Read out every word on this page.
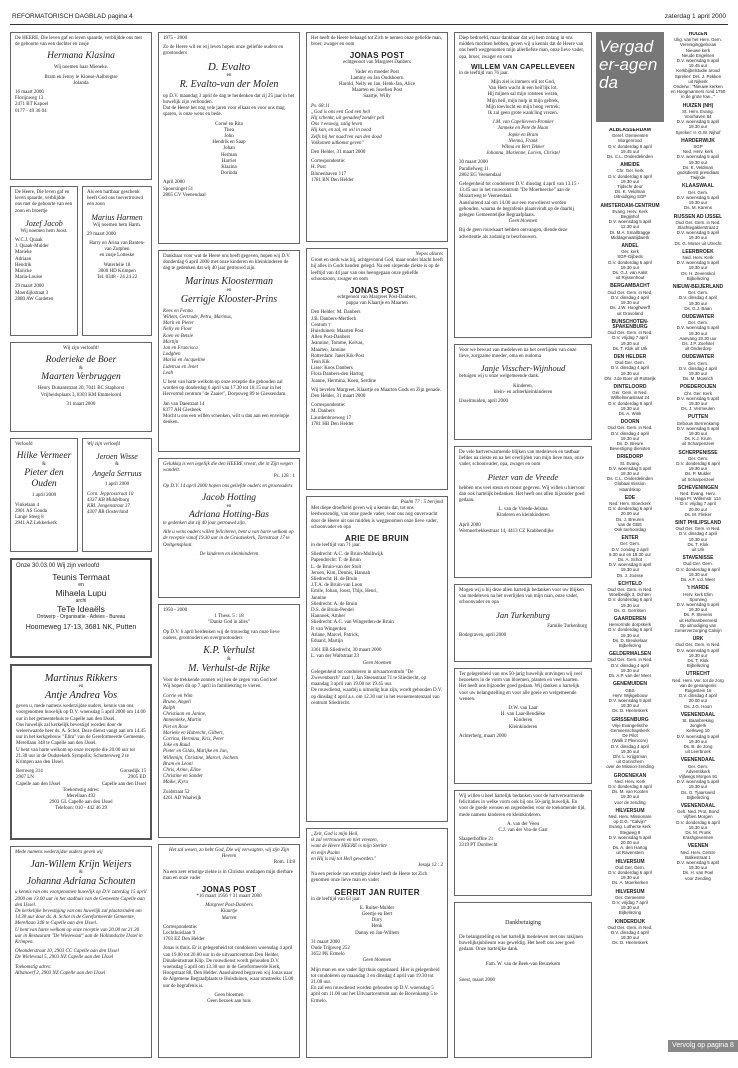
REFORMATORISCH DAGBLAD pagina 4	zaterdag 1 april 2000
De HEERE, Die leven gaf en leven spaarde, verblijdde ons met de geboorte van een dochter en zusje
Hermana Klasina
Wij noemen haar Mieneke.
Bram en Jenny le Kloese-Aalbregtse
Jolanda
16 maart 2000
Florijnweg 13
2471 BT Kapoel
0177 - 49 36 04
De Heere, Die leven gaf en leven spaarde, verblijdde ons met de geboorte van een zoon en broertje
Jozef Jacob
Wij noemen hem Joost.
W.C.J. Quaak
J. Quaak-Mulder
Marieke
Adriaan
Hendrik
Maricke
Maria-Louise
29 maart 2000
Moerdijkstraat 3
2880 AW Gardeten
Als een hartbaar geschenk heeft God ons toevertrouwd een zoon
Marius Harmen
Wij noemen hem Harm.
29 maart 2000
Harry en Arina van Banten-van Zutphen
en zusje Lotteske
Waterlelie 18
3000 HD Krimpen
Tel. 0348 - 24 24 22
Wij zijn verloofd!
Roderieke de Boer
&
Maarten Verbruggen
Henry Dunantstraat 20, 7041 BC Staphorst
Vrijheidsplaats 3, 8303 KM Emmeloord
31 maart 2000
Verloofd
Hilke Vermeer
&
Pieter den Ouden
1 april 2000
Vinkelaan 4
2901 AS Gouda
Lange Steeg 8
2941 AZ Lekkerkerk
Wij zijn verloofd
Jeroen Wisse
&
Angela Serruus
1 april 2000
Corn. Jepprosstraat 10
4337 KB Middelburg
KRI. Jongenstraat 37
4307 RB Oosterland
Onze 30.03.00 Wij zijn verloofd
Teunis Termaat
en
Mihaela Lupu
archi
TeTe Ideaëls
Ontwerp - Organisatie - Advies - Bureau
Hoomeweg 17-13, 3681 NK, Putten
Martinus Rikkers
en
Antje Andrea Vos
geven u, mede namens wederzijdse ouders, kennis van ons voorgenomen huwelijk op D.V. woensdag 5 april 2000 om 14.00 uur in het gemeentehuis te Capelle aan den IJssel.
Ons huwelijk zal kerkelijk bevestigd worden door de weleerwaarde heer ds. A. Schot. Deze dienst vangt aan om 14.45 uur in het kerkgebouw "Elim" van de Gereformeerde Gemeente, Merellaan 348 te Capelle aan den IJssel.
U bent van harte welkom op onze receptie die 20.00 uur tot 21.30 uur in de Oudstekerk Sympolis; Schuttersweg 2 te Krimpen aan den IJssel.
Bernweg 314
2907 LN
Capelle aan den IJssel
Gorsedijk 15
2905 ED
Capelle aan den IJssel
Toekomstig adres:
Merellaan 492
2903 GL Capelle aan den IJssel
Telefoon: 010 - 442 46 29
Mede namens wederzijdse ouders geven wij
Jan-Willem Krijn Weijers
&
Johanna Adriana Schouten
u kennis van ons voorgenomen huwelijk op D.V. zaterdag 15 april 2000 om 13.00 uur in het stadhuis van de Gemeente Capelle aan den IJssel.
De kerkelijke bevestiging van ons huwelijk zal plaatsvinden om 14.30 uur door ds. A. Schot in de Gereformeerde Gemeente, Merellaan 348 te Capelle aan den IJssel.
U bent van harte welkom op onze receptie van 20.00 tot 21.30 uur in Restaurant "De Wielewaal" aan de Hollandsche IJssel in Krimpen.
Oleanderstraat 10, 2903 CC Capelle aan den IJssel
De Wielewaal 5, 2903 NZ Capelle aan den IJssel
Toekomstig adres:
Albanoerf 2, 2903 NZ Capelle aan den IJssel
1975 - 2000
Zo de Heere wil en wij leven hopen onze geliefde ouders en grootouders
D. Evalto
en
R. Evalto-van der Molen
op D.V. maandag 3 april de dag te herdenken dat zij 25 jaar in het huwelijk zijn verbonden.
Dat de Heere het nog vele jaren voor elkaar en voor ons mag sparen, is onze wens en bede.
Corné en Rita
Thea
John
Hendrik en Saap
Johan
Herman
Harriet
Klazina
Dorinda
April 2000
Spoorsingel 51
2805 GV Veenendaal
Dankbaar voor wat de Heere ons heeft gegeven, hopen wij D.V. donderdag 6 april 2000 met onze kinderen en kleinkinderen de dag te gedenken dat wij 40 jaar getrouwd zijn.
Marinus Kloosterman
en
Gerrigje Klooster-Prins
Kees en Fenna
Willem, Gertrude, Petra, Marinus,
Marit en Pieter
Nelly en Floor
Koen en Betsie
Martijn
Jan en Francisca
Lodghen
Marisi en Jacqueline
Lidetrua en Jenet
Leah
U bent van harte welkom op onze receptie die gehouden zal worden op donderdag 6 april van 17.30 tot 18.15 uur in het Hervormd centrum "de Zaaier", Dorpsweg 89 te Giessendam.
Jan van Daestraat 14
8377 AH Giesbeek
Mocht u ons een willen schenken, wilt u dan aan een envelopje denken.
Gelukkig is een iegelijk die den HEERE vreest, die in Zijn wegen wandelt.
Ps. 128 : 1
Op D.V. 14 april 2000 hopen ons geliefde ouders en grootouders
Jacob Hotting
en
Adriana Hotting-Bas
te gedenken dat zij 40 jaar getrouwd zijn.
Alle u wens ouders willen feliciteren, bent u van harte welkom op de receptie vanaf 19.30 uur in de Graatsekerk, Tornstraat 17 te Ooltgensplaat.
De kinderen en kleinkinderen
1950 - 2000
1 Thess. 5 : 18
"Dankt God in alles"
Op D.V. 6 april herdenken wij de trouwdag van onze lieve ouders, grootouders en overgrootouders
K.P. Verhulst
&
M. Verhulst-de Rijke
Voor de trekkende zonnen wij hen de zegen van God toe!
Wij hopen dit op 7 april in familiekring te vieren.
Corrie en Wim
Bruno, Angeli
Ralph
Christiaan en Janine,
Annemieke, Martin
Piet en Rose
Marieke en Hubrecht, Gilbert,
Corrina, Hermina, Kris, Peter
Joke en Ruud
Pieter en Gilda, Marijke en Jan,
Willemijn, Christine, Marcel, Jochem
Bram en Leoni
Chris, Arine, Eline
Christine en Sander
Maike, Kyra
Zuidstraat 52
4261 AD Waalwijk
Het zal wesen, zo hebt God, Die wij verwagten, wij zijn Zijn Heeren
Rom. 14:8
Na een zeer ernstige ziekte is in Christus ontslapen mijn dierbare man en onze vader
JONAS POST
*16 maart 1956 † 31 maart 2000
Margreet Post-Danbers
Klaartje
Marten
Correspondentie:
Lochthuislaan 9
1703 EZ Den Helder
Jonas is thuis. Er is gelegenheid tot condoleren woensdag 4 april van 19.00 tot 20.00 uur in de uitvaartcentrum Den Helder, Dinaheimstraat Klip. De rouwdienst wordt gehouden D.V. woensdag 5 april om 13.30 uur in de Gereformeerde Kerk, Hoogstraat 88, Den Helder. Aansluitend begraven wij Jonas naar de Algemene Begraafplaats te Huisduinen, waar omstreeks 15.00 uur de begrafenis is.
Geen bloemen
Geen bezoek aan huis
Het heeft de Heere behaagd tot Zich te nemen onze geliefde man, broer, zwager en oom
JONAS POST
echtgenoot van Margreet Danbers
Vader en moeder Post
Lammy en Jan Oudshoorn
Harold, Nelly en Jan, Henk-Jan, Alice
Maarten en Josefien Post
Saartje, Willy
Ps. 68:11
„God is ons een God een heil
Hij schenkt, uit genadeef zonder peil
Ons 't eeuwig, zalig leven
Hij kan, en zal, en wil in nood
Zelfs bij het naad'ren van den dood
Volkomen uitkomst geven"
Den Helder, 31 maart 2000
Correspondentie:
H. Post
Binnenhaven 117
1781 BN Den Helder
Nepos allures
Groot en sterk was hij, achtgevoond God, maar onder blacht heeft hij alles in Gods handen gelegd. Na een slopende ziekte is op de leeftijd van 44 jaar van ons heengegaan onze geliefde schoonzoon, zwager en oom
JONAS POST
echtgenoot van Margreet Post-Danbers,
pappa van Klaartje en Maarten
Den Helder: M. Danbers
J.B. Danbers-Mertlech
Centum †
Huisduinen: Maarten Post
Allen Post-Danbers
Jeannine, Tomme, Kelvas,
Maarten, Jannine
Rotterdam: Janet Kik-Post
Teun Kik
Lisse: Koos Danbers
Flora Danbers-den Hartog
Joanne, Hermina, Koen, Serdine
Wij bevelen Margreet, Klaartje en Maarten Gods en Zijn genade.
Den Helder, 31 maart 2000
Correspondentie:
M. Danbers
Laurdenbroeweg 17
1781 HB Den Helder
Psalm 77 : 5 berijmd
Met diepe droefheid geven wij u kennis dat, tot ons leedwezendig, van onze goede vader, voor ons nog onverwacht door de Heere uit ons midden is weggenomen onze lieve vader, schoonvader en opa
ARIE DE BRUIN
in de leeftijd van 71 jaar.
Sliedrecht: A.C. de Bruin-Mulbwijk
Papendrecht: T. de Bruin
L. de Bruin-van der Stolt
Jeroen, Kim, Dennis, Hannah
Sliedrecht: H. de Bruin
J.T.A. de Bruin-van Loon
Emile, Johan, Joost, Thijs, Henri,
Jannine
Sliedrecht: A. de Bruin
D.S. de Bruin-Pendel
Hannoek, Amber
Sliedrecht: A.C. van Wingerden-de Bruin
P. van Wingerden
Ariane, Marcel, Patrick,
Eduard, Martijn
3361 EB Sliedrecht, 30 maart 2000
L. van der Waltstraat 23
Geen bloemen
Gelegenheid tot condoleren in uitvaartcentrum "De Zwevenborch" zaal 1, Jan Steenstraat 71 te Sliedrecht, op maandag 3 april van 19.00 tot 19.45 uur.
De rouwdienst, waarbij u uitnodig hun zijn, wordt gehouden D.V. op dinsdag 4 april a.s. om 12.30 uur in het evenementenzaal van centrum Sliedrecht.
„Zeit, God is mijn Heil,
ik zal vertrouwen en niet vreezen,
want de Heere HEERE is mijn Sterkte
en mijn Psalm
en Hij is mij tot Heil geworden."
Jesaja 12 : 2
Na een periode van ernstige ziekte heeft de Heere tot Zich genomen onze lieve man en vader
GERRIT JAN RUITER
in de leeftijd van 63 jaar.
E. Ruiter-Mulder
Geertje en Bert
Dirry
Henk
Danny en Jan-Willem
31 maart 2000
Oude Trijpweg 252
3652 PK Ermelo
Geen bloemen
Mijn man en ons vader ligt thuis opgebaard. Hier is gelegenheid tot condoleren op maandag 3 en dinsdag 4 april van 19.30 tot 21.00 uur.
En zal een rouwdienst worden gehouden op D.V. woensdag 5 april om 11.00 uur het Uitvaartcentrum aan de Bovenkamp 5 te Ermelo.
Diep bedroefd, maar dankbaar dat wij hem zolang in ons midden mochten hebben, geven wij u kennis dat de Heere van ons heeft weggenomen mijn allerliefste man, onze lieve vader, opa, broer, zwager en oom
WILLEM VAN CAPELLEVEEN
in de leeftijd van 76 jaar.
Mijn ziel is immers stil tot God,
Van Hem wacht ik een heil'lijk lot.
Hij mijnen sal mijn rotsteen wezen,
Mijn heil, mijn hulp in mijn gebrek,
Mijn toevlucht en mijn hoog vertrek;
Ik zal geen grote wank'ling vrezen.
J.M. van Capelleveen-Pronker
Janneke en Pete de Haan
Jopke en Bram
Nienna, Frank
Wilma en Bert Tekker
Johanna, Marienne, Lorien, Christel
30 maart 2000
Parallelweg 11
2802 EG Veenendaal
Gelegenheid tot condoleren D.V. dinsdag 4 april van 13.15 - 13.45 uur in het rouwcentrum "De Moerbeecke" aan de Mozartweg te Veenendaal.
Aansluitend zal om 14.00 uur een rouwdienst worden gehouden, waarna de begrafenis plaatsvindt op de daarbij gelegen Gemeentelijke Begraafplaats.
Geen bloemen
Bij de geen rouwkaart hebben ontvangen, diende deze advertentie als zodanig te beschouwen.
Voor we bewust van medeleven na het overlijden van onze lieve, zorgzame moeder, oma en oudoma
Janje Visscher-Wijnhoud
betuigen wij u onze welgemeende dank.
Kinderen,
klein- en achterkleinkinderen
IJsselmuiden, april 2000
De vele hartverwarmende blijken van medeleven en tastbaar liefdes na ziekte en na het overlijden van mijn lieve man, onze vader, schoonvader, opa, zwager en oom
Pieter van de Vreede
hebben ons veel steun en troost gegeven. Wij willen u hiervoor dan ook hartelijk bedanken. Het heeft ons allen bijzonder goed gedaan.
L. van de Vreede-Jelsma
Kinderen en kleinkinderen
April 2000
Wernnerbekkestraat 14, 4413 CZ Krabbendijke
Mogen wij u bij deze allen hartelijk bedanken voor uw blijken van medeleven na het overlijden van mijn man, onze vader, schoonvader en opa
Jan Turkenburg
Familie Turkenburg
Bodegraven, april 2000
Ter gelegenheid van ons 50-jarig huwelijk ontvingen wij veel bezoekers in de vorm van bloemen, planten en veel kaarten. Het heeft ons bijzonder goed gedaan. Wij danken u hartelijk voor uw belangstelling en voor alle goeie en welgemeende wensen.
D.W. van Laar
H. van Laar-Bendiëke
Kinderen
Kleinkinderen
Achterberg, maart 2000
Wij willen u heel hartelijk bedanken voor de hartverwarmende felicitaties in welke vorm ook bij ons 50-jarig huwelijk. En voor de goede wensen en zegenbeden voor de toekomende tijd, mede namens kinderen en kleinkinderen.
A. van der Veen
C.J. van der Vea-de Gast
Slaaperhoflite 21
3319 PT Dordrecht
Dankbetuiging
De belangstelling en het hartelijk medeleven met ons rakijnen huwelijksjubileum was geweldig. Het heeft ons zeer goed gedaan. Onze hartelijke dank.
Fam. W. van de Beek-van Beuzekom
Soest, maart 2000
Vergader-agenda
ALBLASSERDAM
Geref. Gemeenten
Morgenrood
D.V. donderdag 6 april
19.45 uur
Ds. C.L. Onderdelinden
AMEIDE
Chr. Ger. kerk
D.V. donderdag 6 april
19.30 uur
Tijdschr deur
Ds. K. Veldman
Uitnodiging SGP
AMSTERDAM-CENTRUM
Evang. Herv. Kerk
Begijnhof
D.V. woensdag 5 april
12.30 uur
Dr. M.A. Smalltragge
Middagmaaltijdwerk
ANDEL
Ger. kerk
SGP-Gijbeds
D.V. donderdag 6 april
19.30 uur
Ds. G.J. van Aalst
uit Rijssenhout
BERGAMBACHT
Oud Ger. Gem. in Ned.
D.V. dinsdag 4 april
19.30 uur
Ds. J.W. Hooghwerff
uit Gravoland
BUNSCHOTEN-SPAKENBURG
Oud Ger. Gem. in Ned.
D.V. vrijdag 7 april
19.30 uur
Ds. T. Klok uit Urk
DEN HELDER
Oud Ger. Gem.
D.V. dinsdag 4 april
19.30 uur
Dhr. J.de Boer uit Rotterijk
DINTELOORD
Ger. Gem. in Ned.
Wilhelminastraat 24
D.V. donderdag 6 april
19.30 uur
Ds. A. Wink
DOORN
Oud Ger. Gem. in Ned.
D.V. dinsdag 4 april
19.30 uur
Ds. D. Breure
Bevestiging diensten
DRIEDORP
St. Evang.
D.V. woensdag 5 april
19.30 uur
Ds. C.L. Onderdelinden
Globaal mission
Haardskop
EDE
Ned. Herv. Stoeckerk
D.V. donderdag 6 april
20.00 uur
Ds. J. Breuren
van de GBS
Ook toehoordag
ENTER
Ger. Gem.
D.V. zondag 2 april
9.30 uur en 18.30 uur
Ds. A. Schot
D.V. woensdag 5 april
19.30 uur
Ds. J. Joosse
ECHTELD
Oud Ger. Gem. in Ned.
Woelbedijk 3, Ochten
D.V. donderdag 6 april
19.30 uur
Ds. G. Gerritsen
GAARDEREN
Hervormde dorpskerk
D.V. donderdag 6 april
19.30 uur
Ds. D. Breukelaar
Bijbellezing
GELDERMALSEN
Oud Ger. Gem. in Ned.
D.V. dinsdag 4 april
19.30 uur
Ds. A.P. van der Meer
GENEMUIDEN
GBS
Herv. Wijkgebouw
D.V. woensdag 5 april
19.30 uur
Ds. D. Heemskerk
GRISSENBURG
Vrije Evangelische
Gemeenschapskerk
De Pilot
(Walk 2 Pleincore)
D.V. dinsdag 4 april
19.30 uur
Dhr. L. Krijgsman
uit Gorinchem
over de Mission-zending
GROENEKAN
Ned. Herv. Kerk
D.V. donderdag 6 april
Ds. M. van Kooten
19.30 uur
voor de zending
HILVERSUM
Ned. Herv. Missionare
op G.G. "Calvijn"
Evang. Lutherse kerk
Stegweg 8
D.V. woensdag 5 april
20.00 uur
Ds. A. den Hartog
uit Ravenstein
HILVERSUM
Oud Ger. Gem.
D.V. donderdag 6 april
19.30 uur
Ds. A. Moerkerken
HILVERSUM
Ger. Gemeente
D.V. vrijdag 7 april
19.30 uur
Bijbellezing
KINDERDIJK
Oud Ger. Gem. in Ned.
D.V. dinsdag 4 april
19.30 uur
Ds. D. Heemskerk
HUIZEN
Ulig. van het Herv. Gem.
Vereniginggebouw
Nieuwe kerk
Neude Engelsen
D.V. woensdag 5 april
19.45 uur
Kerkbijbelstudie aroud
Spreker: Drs. J. Pekken
uit Nijkerk
Onderw.: "Nieuwe kerken
en Hoogmanners rond 1750
in de grote tow..."
HUIZEN (NH)
St. Herv. Evang.
Voorhaven 84
D.V. woensdag 5 april
19.30 uur
Spreker: Ir. G.W. Nijhof
HARDERWIJK
SGP
Ned. Herv. kerk
D.V. woensdag 5 april
19.30 uur
Ds. K. Veldman
godsdienst presidiaat
Twijnde
KLAASWAAL
Ger. Gem.
D.V. woensdag 5 april
19.30 uur
Ds. M. Karens
RIJSSEN AD IJSSEL
Oud Ger. Gem. in Ned.
Slachtegaklerstraat 2
D.V. woensdag 5 april
19.30 uur
Ds. G. Moser uit Utrecht
LEERBROEK
Ned. Herv. Kerk
D.V. woensdag 5 april
19.30 uur
Ds. H. Zevenskol
Bijbellezing
NIEUW-BEIJERLAND
Ger. Gem.
D.V. dinsdag 4 april
19.30 uur
Ds. G.J. Baan
OUDEWATER
Ger. Gem.
D.V. woensdag 5 april
19.30 uur
Aanvang 19.30 uur
Ds. J.P. Zoefstel
uit Onderdorp
OUDEWATER
Ger. Gem.
D.V. dinsdag 4 april
19.30 uur
Ds. M. Mowrich
POEDEROIJEN
Chr. Ger. Kerk
D.V. woensdag 5 april
19.30 uur
Ds. J. Vermeulen
PUTTEN
Gebouw Sterrenkamp
D.V. woensdag 5 april
19.30 uur
Ds. K.J. Krum
uit Scharpenzeel
SCHERPENISSE
Ger. Gem.
D.V. donderdag 6 april
19.30 uur
Ds. P. Mulder
uit Scharpenzeel
SCHEVENINGEN
Ned. Evang. Herv.
Haga Pr. Willemstr. 114
D.V. vrijdag 7 april
20.00 uur
Ds. M. Flinker
SINT PHILIPSLAND
Oud Ger. Gem. in Ned.
D.V. dinsdag 4 april
19.30 uur
Ds. T. Klok
uit Urk
STAVENISSE
Oud Ger. Gem.
D.V. donderdag 6 april
19.30 uur
Ds. A.F. v.d. Meer
't HARDE
Herv. kerk Elim
Sporweg
D.V. woensdag 5 april
19.30 uur
Ds. P. Stevens
uit Hofmanbeerveld
Op uitnodiging van
zomerverzorging Calvijn
URK
Oud Ger. Gem. in Ned.
D.V. woensdag 5 april
19.30 uur
Ds. T. Klok
Bijbellezing
UTRECHT
Ned. Herv. Ver. tot de zorg
van de gevangenis
Ruigestein 16
D.V. dinsdag 4 april
20.00 uur
Ds. J.G. Hoon
VEENENDAAL
St. Baanbreking
Jonglerk
Kerkweg 10
D.V. woensdag 5 april
19.30 uur
Ds. B. de Jong
uit Leerbroek
VEENENDAAL
Ger. Gem.
Adventskerk
Vijfwegs Morgen 91
D.V. woensdag 5 april
19.30 uur
Ds. G. Tjaarsveld
Bijbellezing
VEENENDAAL
Geb. Ned. Prot. Bond
Vijftien Morgen
D.V. donderdag 6 april
19.30 uur
Ds. M. Pronk
Krashgevennen
VEENEN
Ned. Herv. Centre
Balkestraat 1
D.V. woensdag 5 april
19.30 uur
Ds. H. van Poel
voor Zending
Vervolg op pagina 8
